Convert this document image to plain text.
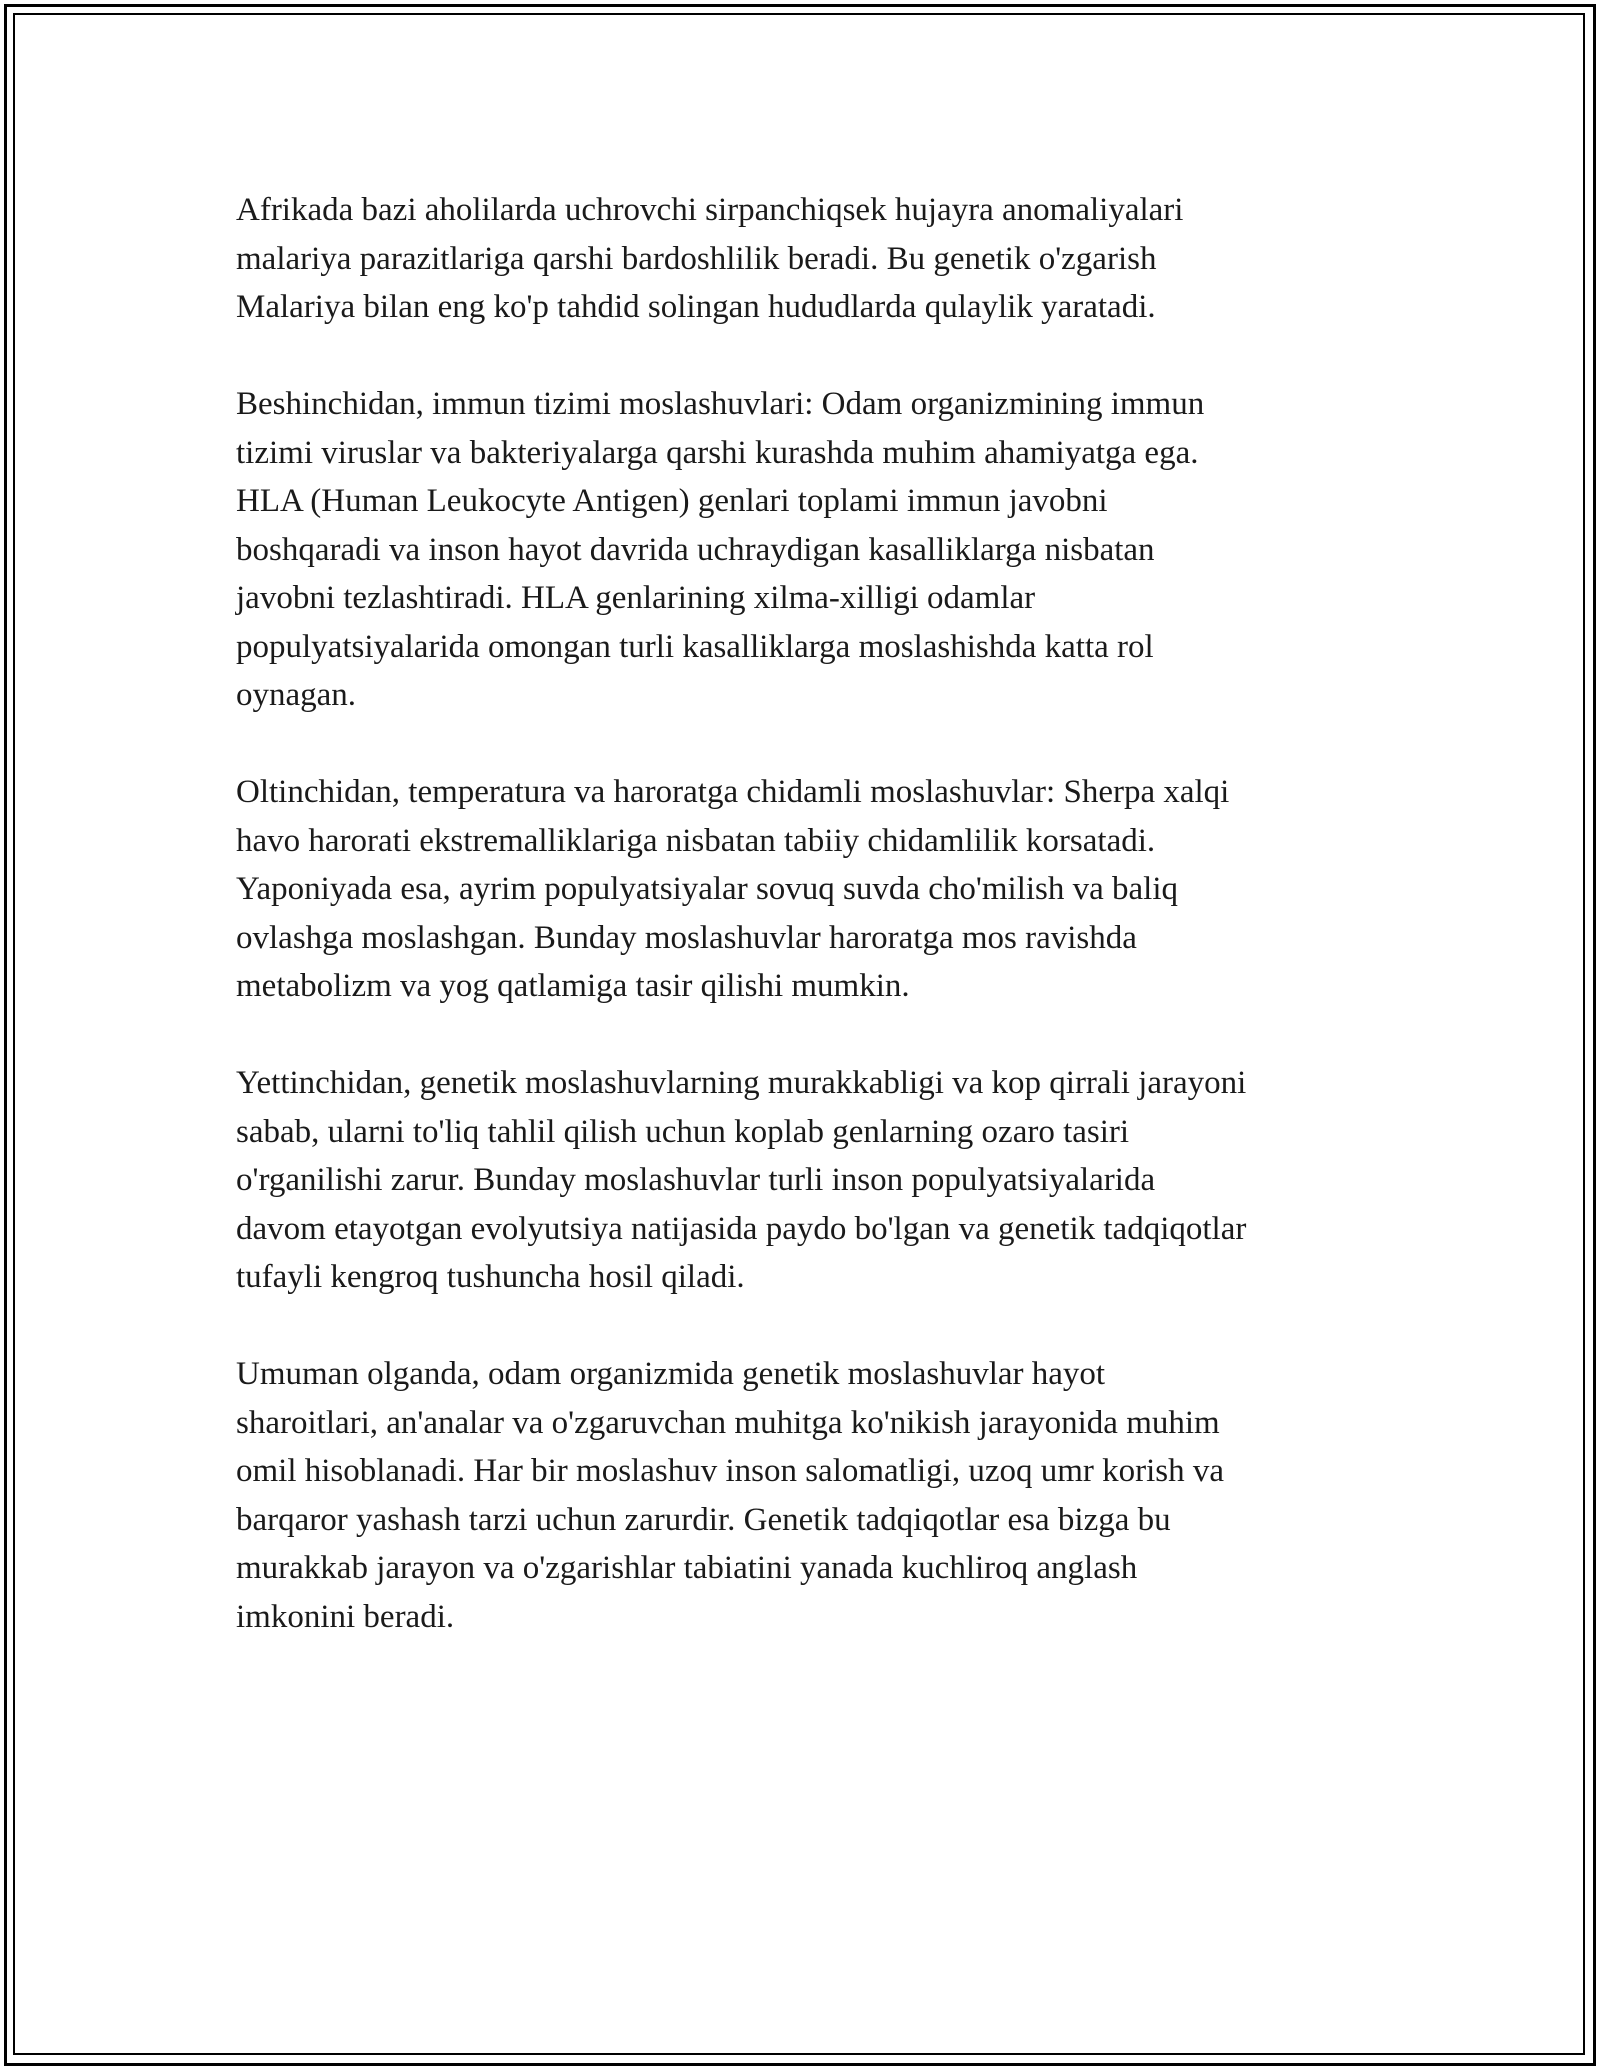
Afrikada bazi aholilarda uchrovchi sirpanchiqsek hujayra anomaliyalari
malariya parazitlariga qarshi bardoshlilik beradi. Bu genetik o'zgarish
Malariya bilan eng ko'p tahdid solingan hududlarda qulaylik yaratadi.

Beshinchidan, immun tizimi moslashuvlari: Odam organizmining immun
tizimi viruslar va bakteriyalarga qarshi kurashda muhim ahamiyatga ega.
HLA (Human Leukocyte Antigen) genlari toplami immun javobni
boshqaradi va inson hayot davrida uchraydigan kasalliklarga nisbatan
javobni tezlashtiradi. HLA genlarining xilma-xilligi odamlar
populyatsiyalarida omongan turli kasalliklarga moslashishda katta rol
oynagan.

Oltinchidan, temperatura va haroratga chidamli moslashuvlar: Sherpa xalqi
havo harorati ekstremalliklariga nisbatan tabiiy chidamlilik korsatadi.
Yaponiyada esa, ayrim populyatsiyalar sovuq suvda cho'milish va baliq
ovlashga moslashgan. Bunday moslashuvlar haroratga mos ravishda
metabolizm va yog qatlamiga tasir qilishi mumkin.

Yettinchidan, genetik moslashuvlarning murakkabligi va kop qirrali jarayoni
sabab, ularni to'liq tahlil qilish uchun koplab genlarning ozaro tasiri
o'rganilishi zarur. Bunday moslashuvlar turli inson populyatsiyalarida
davom etayotgan evolyutsiya natijasida paydo bo'lgan va genetik tadqiqotlar
tufayli kengroq tushuncha hosil qiladi.

Umuman olganda, odam organizmida genetik moslashuvlar hayot
sharoitlari, an'analar va o'zgaruvchan muhitga ko'nikish jarayonida muhim
omil hisoblanadi. Har bir moslashuv inson salomatligi, uzoq umr korish va
barqaror yashash tarzi uchun zarurdir. Genetik tadqiqotlar esa bizga bu
murakkab jarayon va o'zgarishlar tabiatini yanada kuchliroq anglash
imkonini beradi.
